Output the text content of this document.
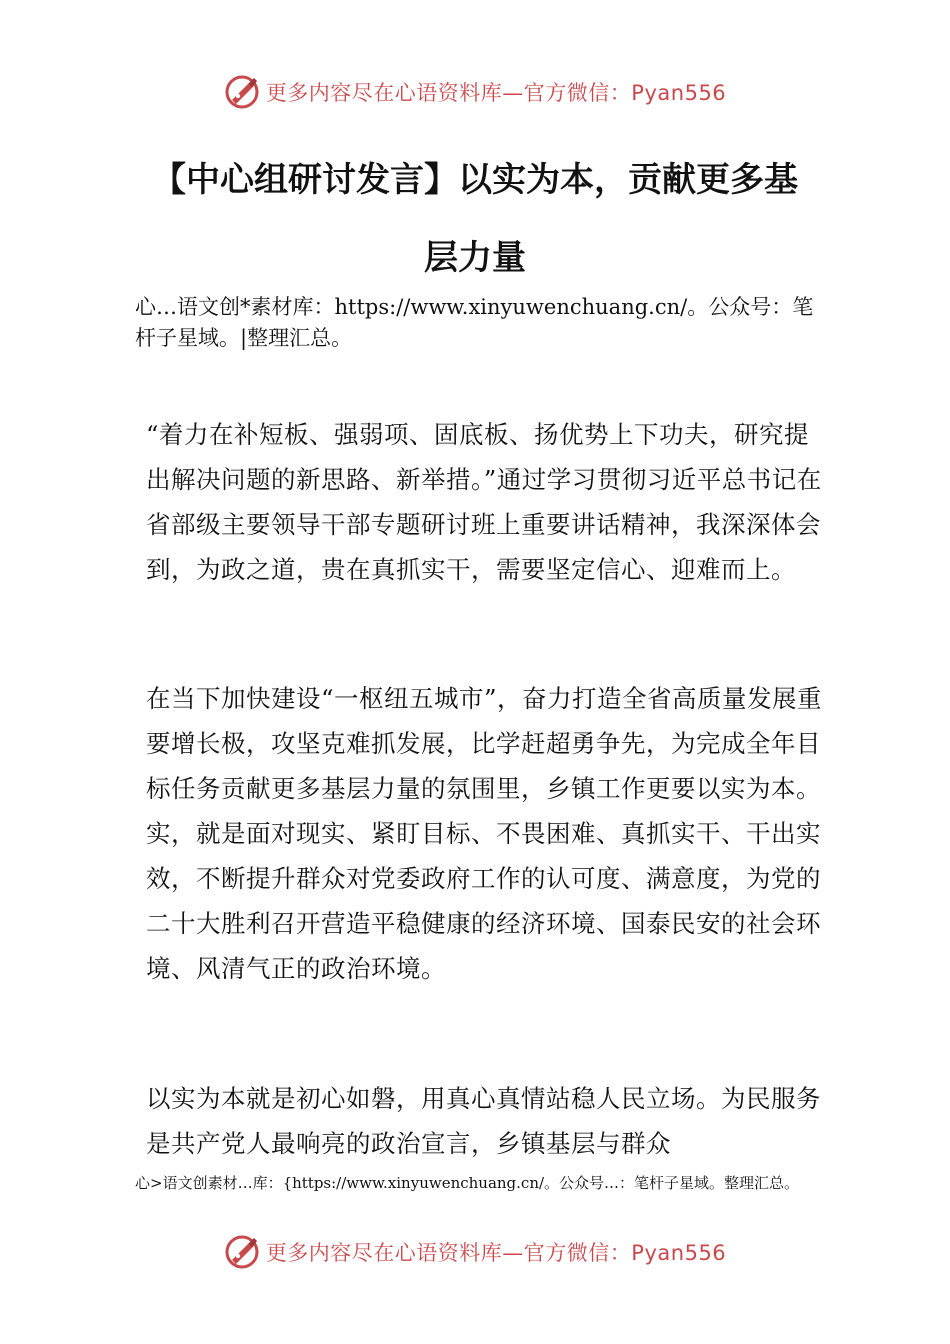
更多内容尽在心语资料库—官方微信：Pyan556
【中心组研讨发言】以实为本，贡献更多基
层力量

心…语文创*素材库：https://www.xinyuwenchuang.cn/。公众号：笔杆子星域。|整理汇总。

“着力在补短板、强弱项、固底板、扬优势上下功夫，研究提出解决问题的新思路、新举措。”通过学习贯彻习近平总书记在省部级主要领导干部专题研讨班上重要讲话精神，我深深体会到，为政之道，贵在真抓实干，需要坚定信心、迎难而上。

在当下加快建设“一枢纽五城市”，奋力打造全省高质量发展重要增长极，攻坚克难抓发展，比学赶超勇争先，为完成全年目标任务贡献更多基层力量的氛围里，乡镇工作更要以实为本。实，就是面对现实、紧盯目标、不畏困难、真抓实干、干出实效，不断提升群众对党委政府工作的认可度、满意度，为党的二十大胜利召开营造平稳健康的经济环境、国泰民安的社会环境、风清气正的政治环境。

以实为本就是初心如磐，用真心真情站稳人民立场。为民服务是共产党人最响亮的政治宣言，乡镇基层与群众

心>语文创素材…库：{https://www.xinyuwenchuang.cn/。公众号…：笔杆子星域。整理汇总。

更多内容尽在心语资料库—官方微信：Pyan556
